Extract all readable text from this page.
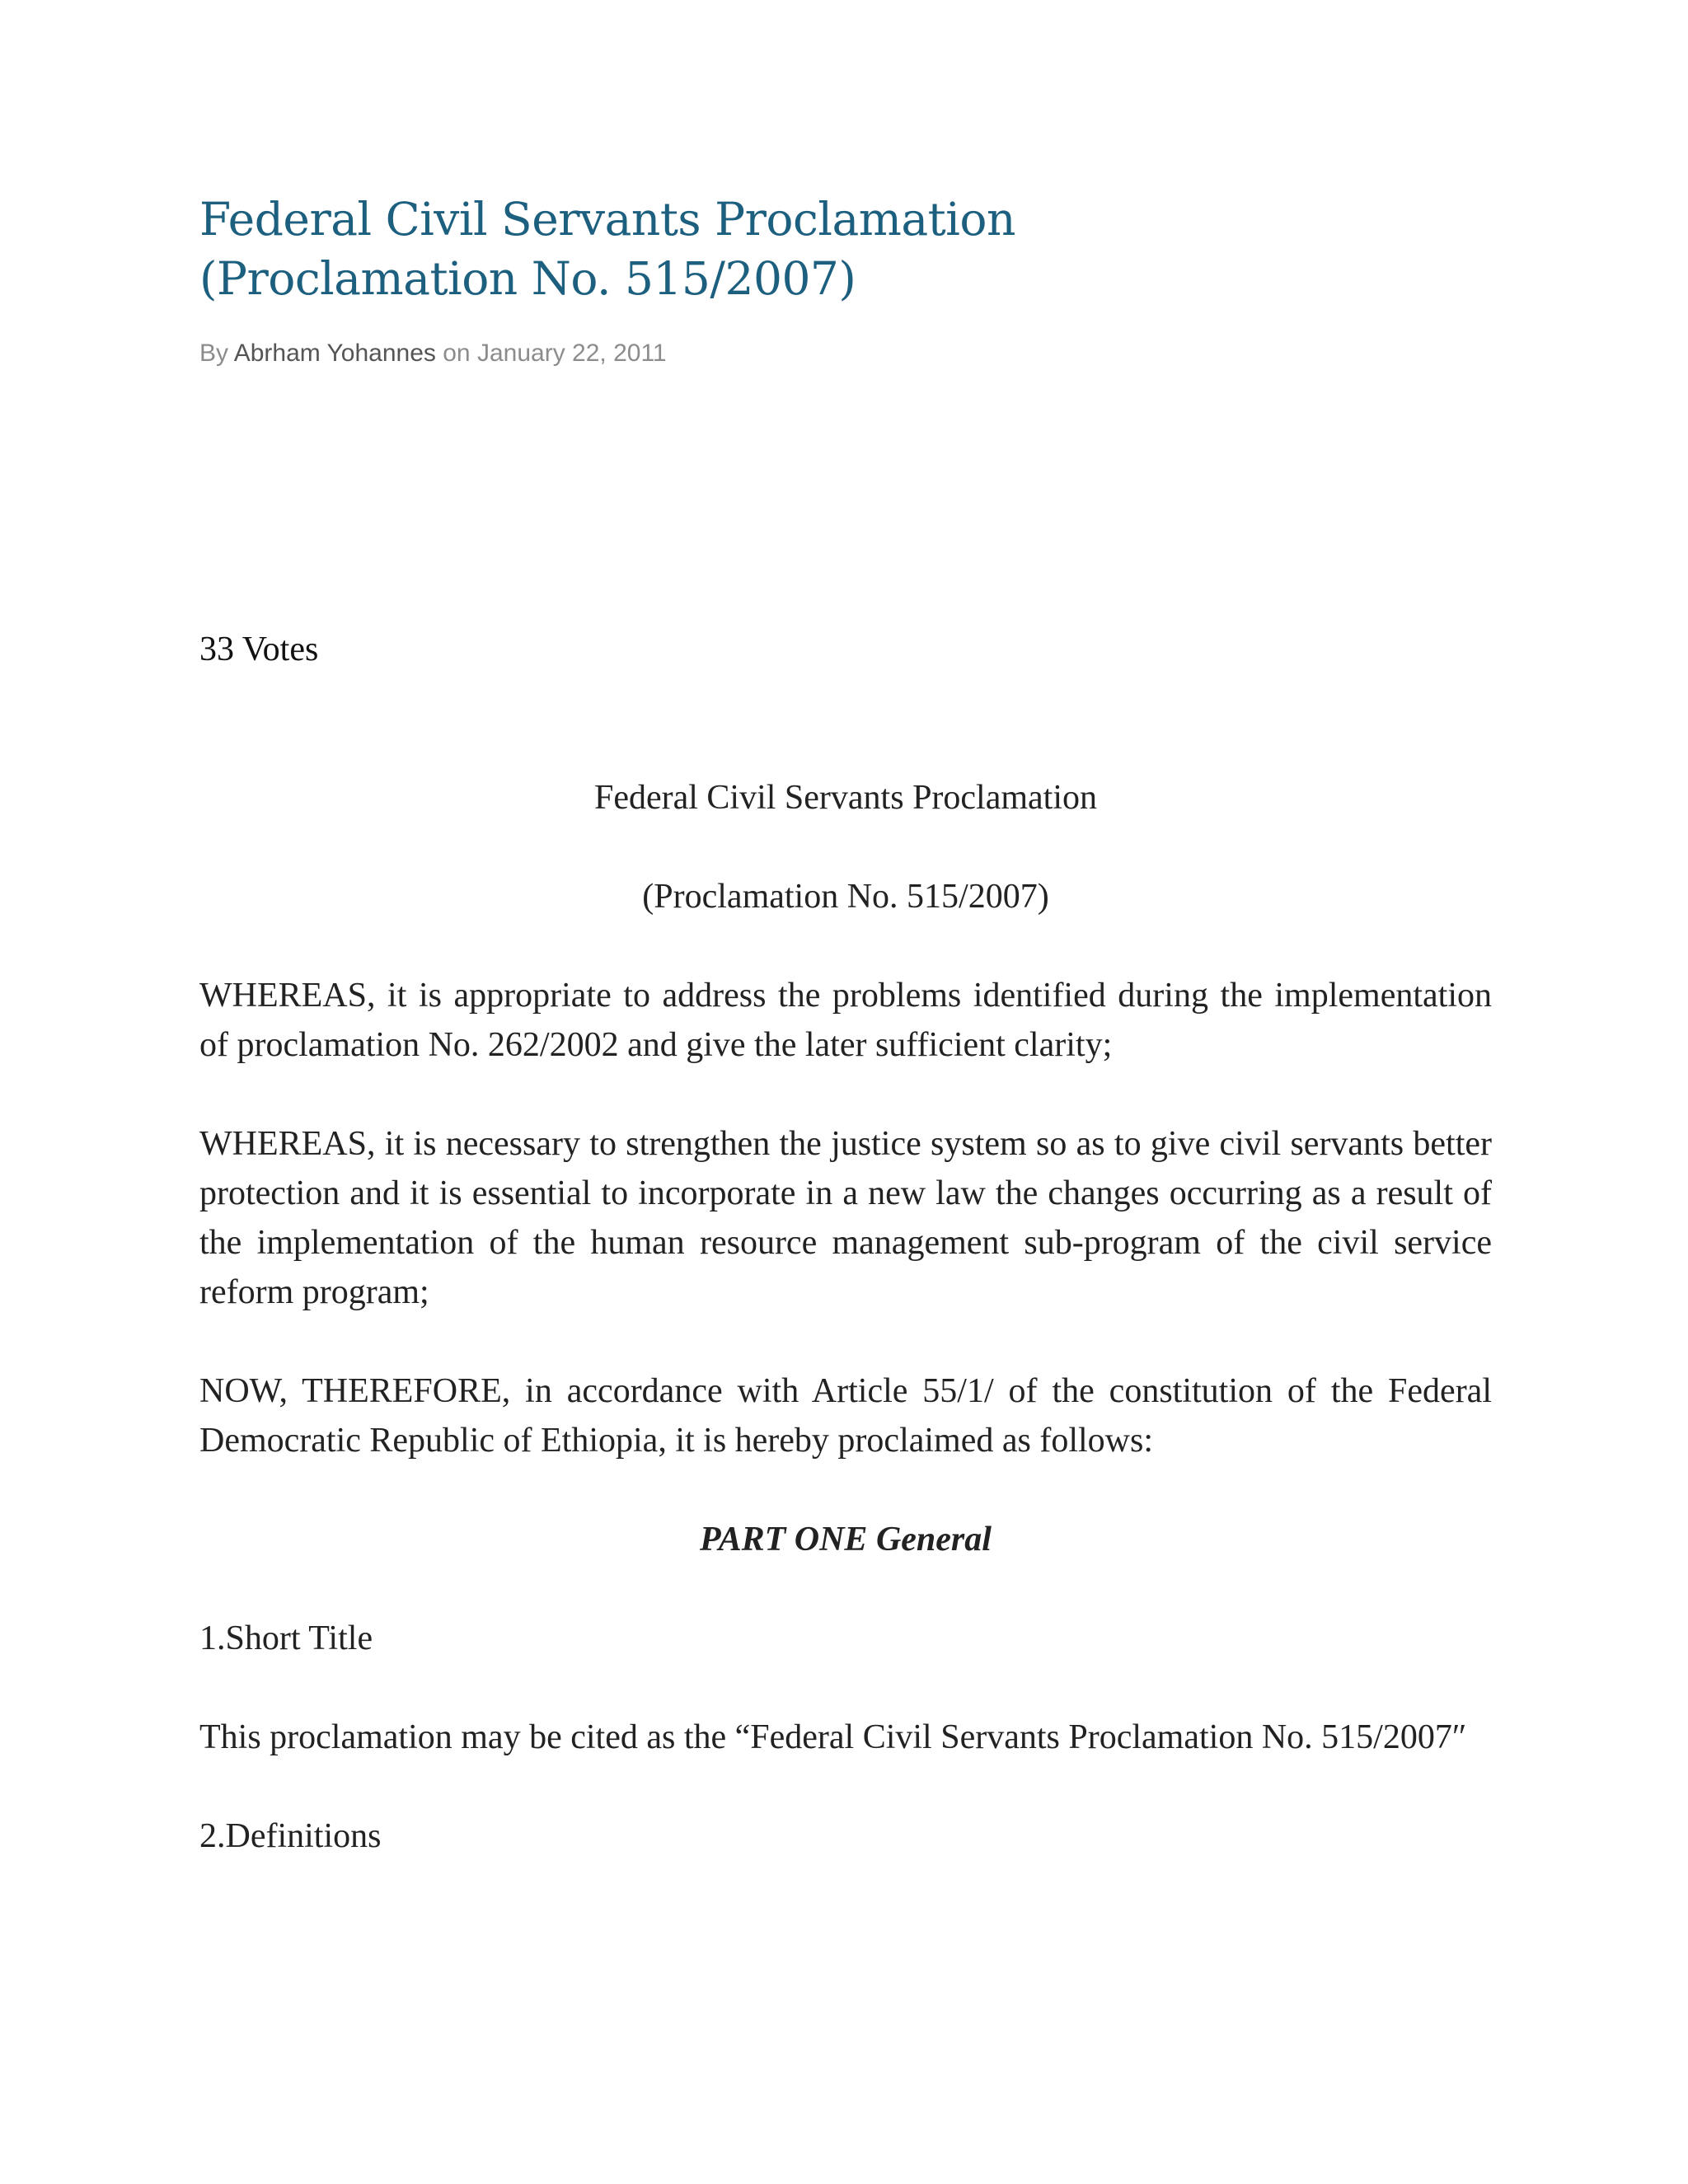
Federal Civil Servants Proclamation (Proclamation No. 515/2007)
By Abrham Yohannes on January 22, 2011
33 Votes

Federal Civil Servants Proclamation

(Proclamation No. 515/2007)

WHEREAS, it is appropriate to address the problems identified during the implementation of proclamation No. 262/2002 and give the later sufficient clarity;

WHEREAS, it is necessary to strengthen the justice system so as to give civil servants better protection and it is essential to incorporate in a new law the changes occurring as a result of the implementation of the human resource management sub-program of the civil service reform program;

NOW, THEREFORE, in accordance with Article 55/1/ of the constitution of the Federal Democratic Republic of Ethiopia, it is hereby proclaimed as follows:

PART ONE General

1.Short Title

This proclamation may be cited as the “Federal Civil Servants Proclamation No. 515/2007″

2.Definitions
